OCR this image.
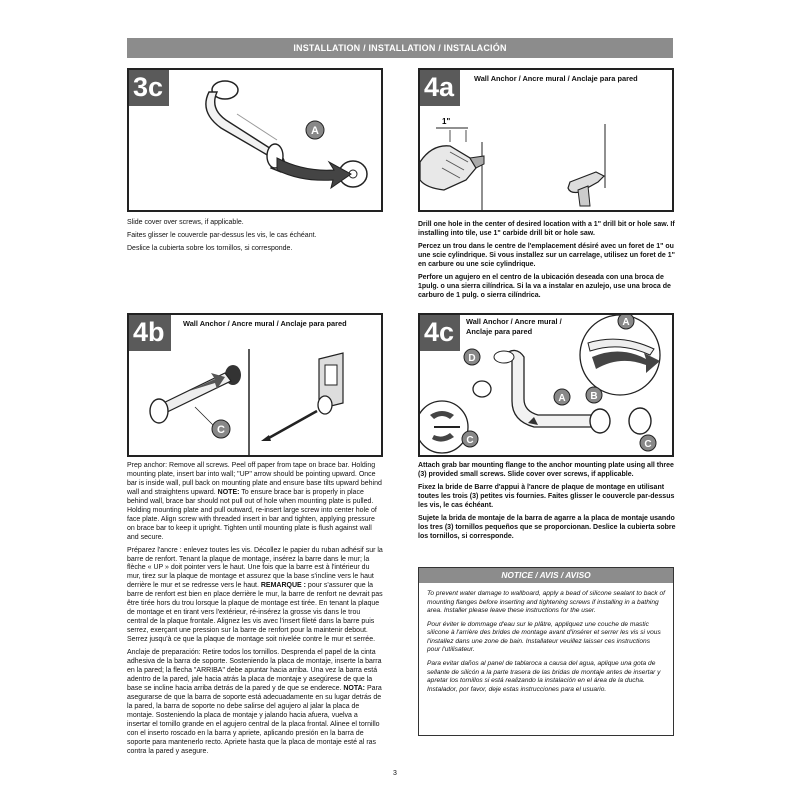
INSTALLATION / INSTALLATION / INSTALACIÓN
3c
A

Slide cover over screws, if applicable.

Faites glisser le couvercle par-dessus les vis, le cas échéant.

Deslice la cubierta sobre los tornillos, si corresponde.

4a	Wall Anchor / Ancre mural / Anclaje para pared
1"

Drill one hole in the center of desired location with a 1" drill bit or hole saw. If installing into tile, use 1" carbide drill bit or hole saw.

Percez un trou dans le centre de l'emplacement désiré avec un foret de 1" ou une scie cylindrique. Si vous installez sur un carrelage, utilisez un foret de 1" en carbure ou une scie cylindrique.

Perfore un agujero en el centro de la ubicación deseada con una broca de 1pulg. o una sierra cilíndrica. Si la va a instalar en azulejo, use una broca de carburo de 1 pulg. o sierra cilíndrica.

4b	Wall Anchor / Ancre mural / Anclaje para pared
C

Prep anchor: Remove all screws. Peel off paper from tape on brace bar. Holding mounting plate, insert bar into wall; "UP" arrow should be pointing upward. Once bar is inside wall, pull back on mounting plate and ensure base tilts upward behind wall and straightens upward. NOTE: To ensure brace bar is properly in place behind wall, brace bar should not pull out of hole when mounting plate is pulled. Holding mounting plate and pull outward, re-insert large screw into center hole of face plate. Align screw with threaded insert in bar and tighten, applying pressure on brace bar to keep it upright. Tighten until mounting plate is flush against wall and secure.

Préparez l'ancre : enlevez toutes les vis. Décollez le papier du ruban adhésif sur la barre de renfort. Tenant la plaque de montage, insérez la barre dans le mur; la flèche « UP » doit pointer vers le haut. Une fois que la barre est à l'intérieur du mur, tirez sur la plaque de montage et assurez que la base s'incline vers le haut derrière le mur et se redresse vers le haut. REMARQUE : pour s'assurer que la barre de renfort est bien en place derrière le mur, la barre de renfort ne devrait pas être tirée hors du trou lorsque la plaque de montage est tirée. En tenant la plaque de montage et en tirant vers l'extérieur, ré-insérez la grosse vis dans le trou central de la plaque frontale. Alignez les vis avec l'insert fileté dans la barre puis serrez, exerçant une pression sur la barre de renfort pour la maintenir debout. Serrez jusqu'à ce que la plaque de montage soit nivelée contre le mur et serrée.

Anclaje de preparación: Retire todos los tornillos. Desprenda el papel de la cinta adhesiva de la barra de soporte. Sosteniendo la placa de montaje, inserte la barra en la pared; la flecha "ARRIBA" debe apuntar hacia arriba. Una vez la barra está adentro de la pared, jale hacia atrás la placa de montaje y asegúrese de que la base se incline hacia arriba detrás de la pared y de que se enderece. NOTA: Para asegurarse de que la barra de soporte está adecuadamente en su lugar detrás de la pared, la barra de soporte no debe salirse del agujero al jalar la placa de montaje. Sosteniendo la placa de montaje y jalando hacia afuera, vuelva a insertar el tornillo grande en el agujero central de la placa frontal. Alinee el tornillo con el inserto roscado en la barra y apriete, aplicando presión en la barra de soporte para mantenerlo recto. Apriete hasta que la placa de montaje esté al ras contra la pared y asegure.

4c	Wall Anchor / Ancre mural / Anclaje para pared
A
D
A B
C	C

Attach grab bar mounting flange to the anchor mounting plate using all three (3) provided small screws. Slide cover over screws, if applicable.

Fixez la bride de Barre d'appui à l'ancre de plaque de montage en utilisant toutes les trois (3) petites vis fournies. Faites glisser le couvercle par-dessus les vis, le cas échéant.

Sujete la brida de montaje de la barra de agarre a la placa de montaje usando los tres (3) tornillos pequeños que se proporcionan. Deslice la cubierta sobre los tornillos, si corresponde.

NOTICE / AVIS / AVISO

To prevent water damage to wallboard, apply a bead of silicone sealant to back of mounting flanges before inserting and tightening screws if installing in a bathing area. Installer please leave these instructions for the user.

Pour éviter le dommage d'eau sur le plâtre, appliquez une couche de mastic silicone à l'arrière des brides de montage avant d'insérer et serrer les vis si vous l'installez dans une zone de bain. Installateur veuillez laisser ces instructions pour l'utilisateur.

Para evitar daños al panel de tablaroca a causa del agua, aplique una gota de sellante de silicón a la parte trasera de las bridas de montaje antes de insertar y apretar los tornillos si está realizando la instalación en el área de la ducha. Instalador, por favor, deje estas instrucciones para el usuario.

3
